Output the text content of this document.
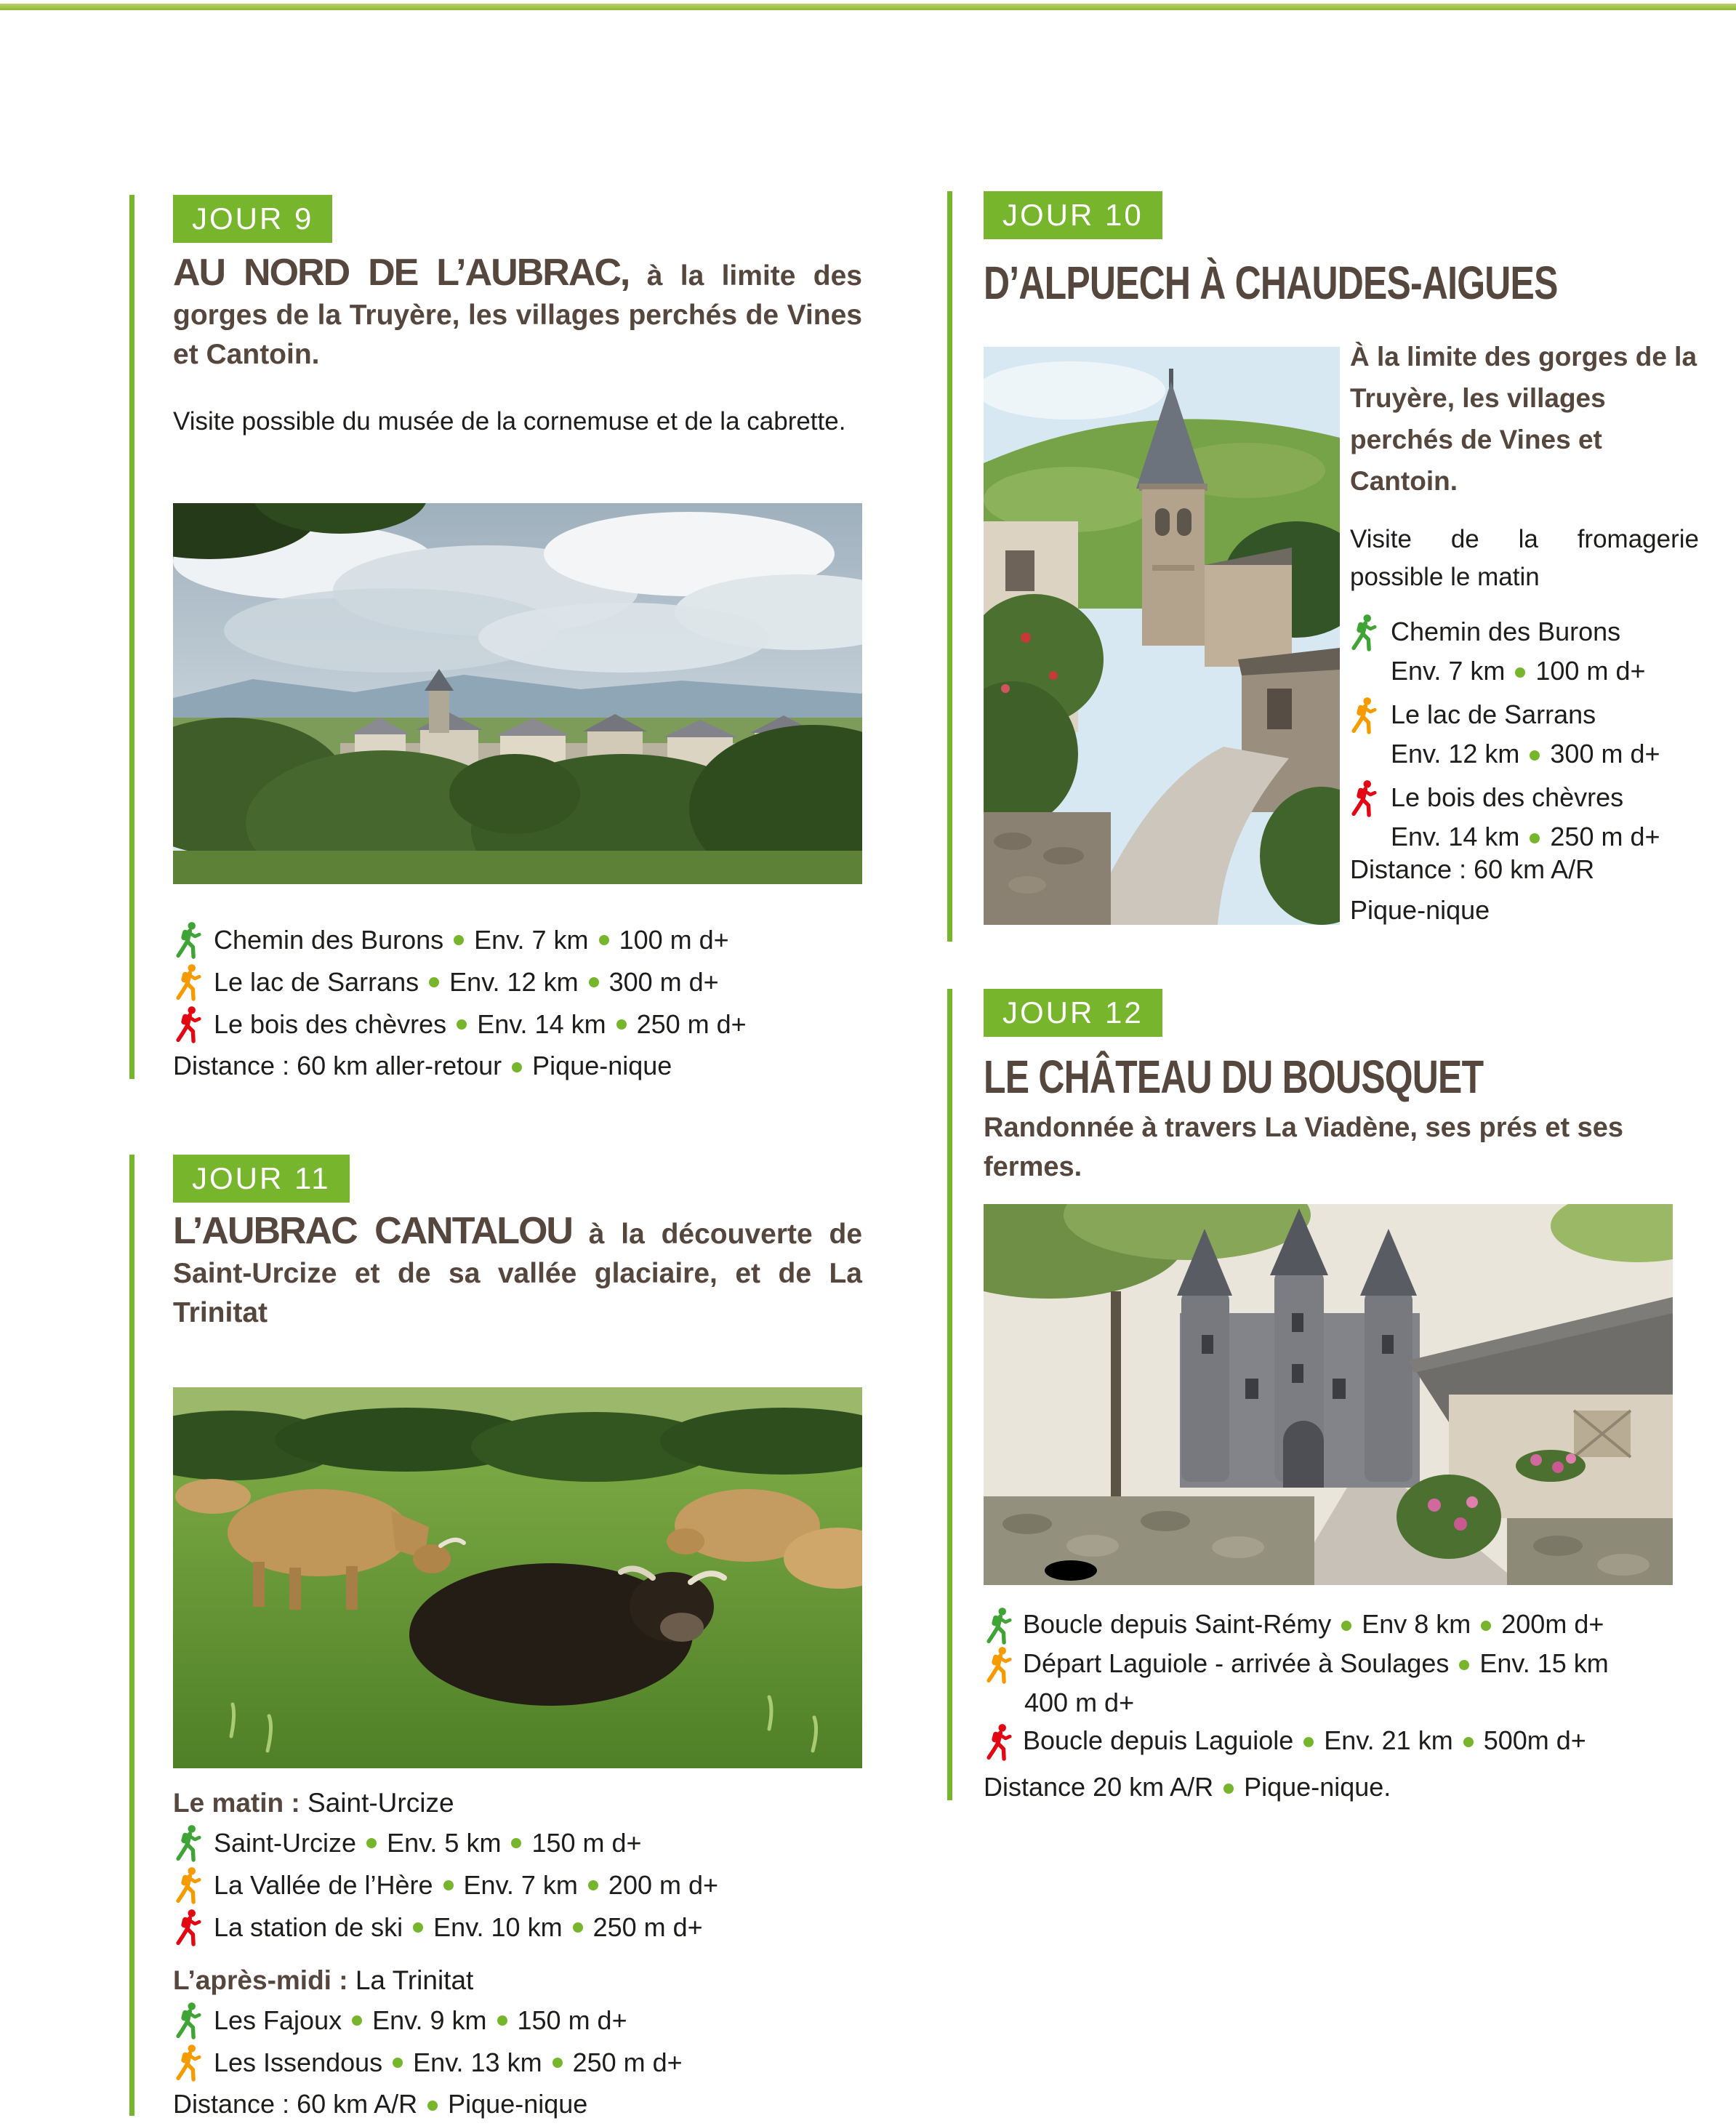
JOUR 9
AU NORD DE L’AUBRAC, à la limite des gorges de la Truyère, les villages perchés de Vines et Cantoin.
Visite possible du musée de la cornemuse et de la cabrette.
Chemin des Burons Env. 7 km 100 m d+
Le lac de Sarrans Env. 12 km 300 m d+
Le bois des chèvres Env. 14 km 250 m d+
Distance : 60 km aller-retour Pique-nique
JOUR 10
D’ALPUECH À CHAUDES-AIGUES
À la limite des gorges de la Truyère, les villages perchés de Vines et Cantoin.
Visite de la fromagerie possible le matin
Chemin des Burons
Env. 7 km 100 m d+
Le lac de Sarrans
Env. 12 km 300 m d+
Le bois des chèvres
Env. 14 km 250 m d+
Distance : 60 km A/R
Pique-nique
JOUR 11
L’AUBRAC CANTALOU à la découverte de Saint-Urcize et de sa vallée glaciaire, et de La Trinitat
Le matin : Saint-Urcize
Saint-Urcize Env. 5 km 150 m d+
La Vallée de l’Hère Env. 7 km 200 m d+
La station de ski Env. 10 km 250 m d+
L’après-midi : La Trinitat
Les Fajoux Env. 9 km 150 m d+
Les Issendous Env. 13 km 250 m d+
Distance : 60 km A/R Pique-nique
JOUR 12
LE CHÂTEAU DU BOUSQUET
Randonnée à travers La Viadène, ses prés et ses fermes.
Boucle depuis Saint-Rémy Env 8 km 200m d+
Départ Laguiole - arrivée à Soulages Env. 15 km
400 m d+
Boucle depuis Laguiole Env. 21 km 500m d+
Distance 20 km A/R Pique-nique.
